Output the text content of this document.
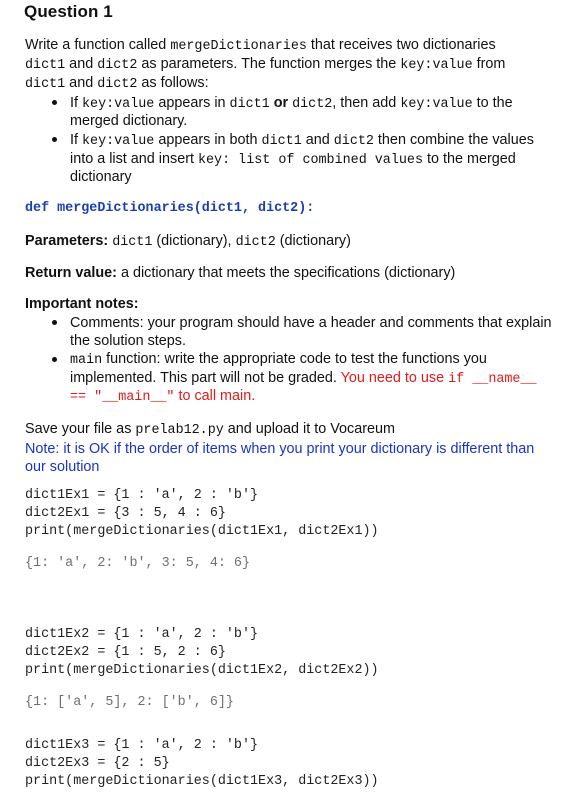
Question 1
Write a function called mergeDictionaries that receives two dictionaries
dict1 and dict2 as parameters. The function merges the key:value from
dict1 and dict2 as follows:
If key:value appears in dict1 or dict2, then add key:value to the
merged dictionary.
If key:value appears in both dict1 and dict2 then combine the values
into a list and insert key: list of combined values to the merged
dictionary
def mergeDictionaries(dict1, dict2):
Parameters: dict1 (dictionary), dict2 (dictionary)
Return value: a dictionary that meets the specifications (dictionary)
Important notes:
Comments: your program should have a header and comments that explain
the solution steps.
main function: write the appropriate code to test the functions you
implemented. This part will not be graded. You need to use if __name__
== "__main__" to call main.
Save your file as prelab12.py and upload it to Vocareum
Note: it is OK if the order of items when you print your dictionary is different than
our solution
dict1Ex1 = {1 : 'a', 2 : 'b'}
dict2Ex1 = {3 : 5, 4 : 6}
print(mergeDictionaries(dict1Ex1, dict2Ex1))
{1: 'a', 2: 'b', 3: 5, 4: 6}
dict1Ex2 = {1 : 'a', 2 : 'b'}
dict2Ex2 = {1 : 5, 2 : 6}
print(mergeDictionaries(dict1Ex2, dict2Ex2))
{1: ['a', 5], 2: ['b', 6]}
dict1Ex3 = {1 : 'a', 2 : 'b'}
dict2Ex3 = {2 : 5}
print(mergeDictionaries(dict1Ex3, dict2Ex3))
